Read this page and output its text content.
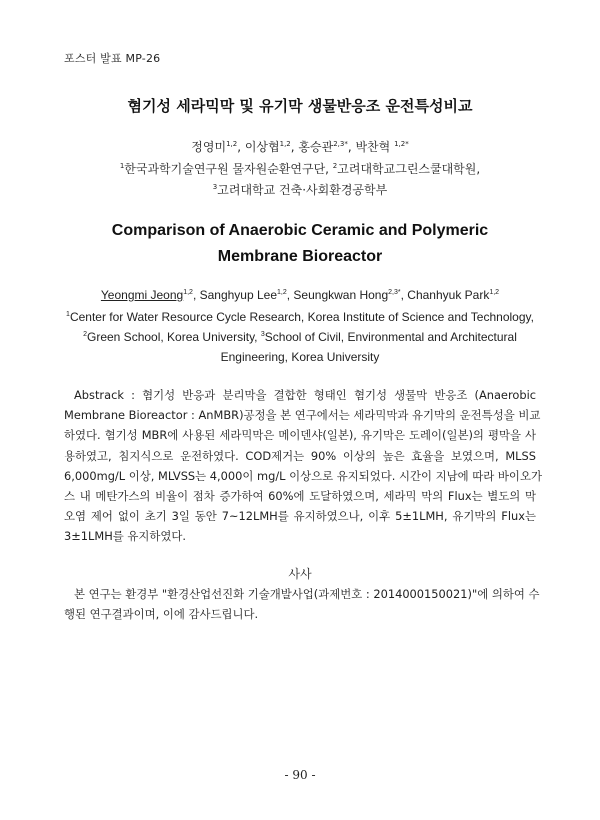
포스터 발표 MP-26
혐기성 세라믹막 및 유기막 생물반응조 운전특성비교
정영미$^{1,2}$, 이상협$^{1,2}$, 홍승관$^{2,3*}$, 박찬혁 $^{1,2*}$
$^1$한국과학기술연구원 물자원순환연구단, $^2$고려대학교그린스쿨대학원,
$^3$고려대학교 건축·사회환경공학부
Comparison of Anaerobic Ceramic and Polymeric
Membrane Bioreactor
Yeongmi Jeong$^{1,2}$, Sanghyup Lee$^{1,2}$, Seungkwan Hong$^{2,3*}$, Chanhyuk Park$^{1,2}$
$^1$Center for Water Resource Cycle Research, Korea Institute of Science and Technology,
$^2$Green School, Korea University, $^3$School of Civil, Environmental and Architectural
Engineering, Korea University
Abstrack : 혐기성 반응과 분리막을 결합한 형태인 혐기성 생물막 반응조 (Anaerobic
Membrane Bioreactor : AnMBR)공정을 본 연구에서는 세라믹막과 유기막의 운전특성을 비교
하였다. 혐기성 MBR에 사용된 세라믹막은 메이덴샤(일본), 유기막은 도레이(일본)의 평막을 사
용하였고, 침지식으로 운전하였다. COD제거는 90% 이상의 높은 효율을 보였으며, MLSS
6,000mg/L 이상, MLVSS는 4,000이 mg/L 이상으로 유지되었다. 시간이 지남에 따라 바이오가
스 내 메탄가스의 비율이 점차 증가하여 60%에 도달하였으며, 세라믹 막의 Flux는 별도의 막
오염 제어 없이 초기 3일 동안 7~12LMH를 유지하였으나, 이후 5±1LMH, 유기막의 Flux는
3±1LMH를 유지하였다.
사사
본 연구는 환경부 "환경산업선진화 기술개발사업(과제번호 : 2014000150021)"에 의하여 수
행된 연구결과이며, 이에 감사드립니다.
- 90 -
